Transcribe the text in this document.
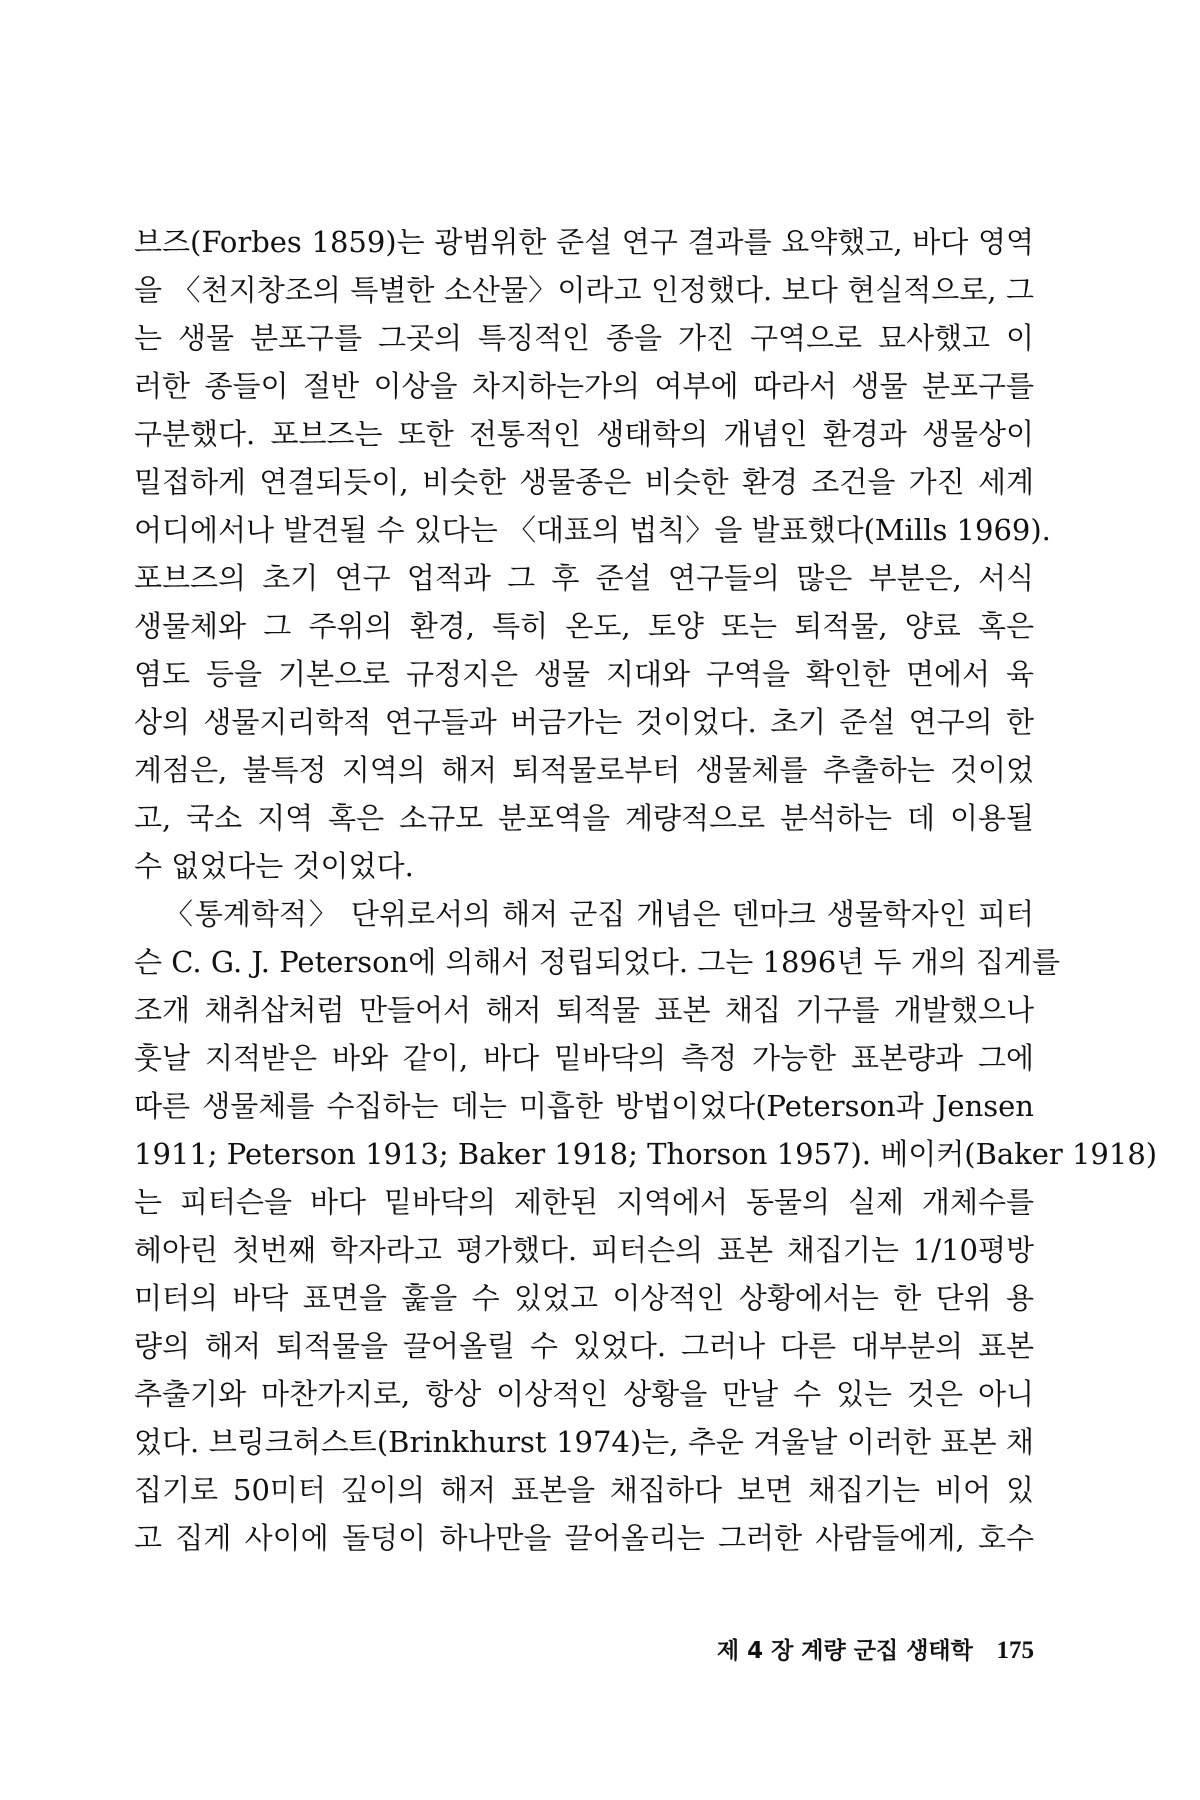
브즈(Forbes 1859)는 광범위한 준설 연구 결과를 요약했고, 바다 영역
을 〈천지창조의 특별한 소산물〉이라고 인정했다. 보다 현실적으로, 그
는 생물 분포구를 그곳의 특징적인 종을 가진 구역으로 묘사했고 이
러한 종들이 절반 이상을 차지하는가의 여부에 따라서 생물 분포구를
구분했다. 포브즈는 또한 전통적인 생태학의 개념인 환경과 생물상이
밀접하게 연결되듯이, 비슷한 생물종은 비슷한 환경 조건을 가진 세계
어디에서나 발견될 수 있다는 〈대표의 법칙〉을 발표했다(Mills 1969).
포브즈의 초기 연구 업적과 그 후 준설 연구들의 많은 부분은, 서식
생물체와 그 주위의 환경, 특히 온도, 토양 또는 퇴적물, 양료 혹은
염도 등을 기본으로 규정지은 생물 지대와 구역을 확인한 면에서 육
상의 생물지리학적 연구들과 버금가는 것이었다. 초기 준설 연구의 한
계점은, 불특정 지역의 해저 퇴적물로부터 생물체를 추출하는 것이었
고, 국소 지역 혹은 소규모 분포역을 계량적으로 분석하는 데 이용될
수 없었다는 것이었다.
〈통계학적〉 단위로서의 해저 군집 개념은 덴마크 생물학자인 피터
슨 C. G. J. Peterson에 의해서 정립되었다. 그는 1896년 두 개의 집게를
조개 채취삽처럼 만들어서 해저 퇴적물 표본 채집 기구를 개발했으나
훗날 지적받은 바와 같이, 바다 밑바닥의 측정 가능한 표본량과 그에
따른 생물체를 수집하는 데는 미흡한 방법이었다(Peterson과 Jensen
1911; Peterson 1913; Baker 1918; Thorson 1957). 베이커(Baker 1918)
는 피터슨을 바다 밑바닥의 제한된 지역에서 동물의 실제 개체수를
헤아린 첫번째 학자라고 평가했다. 피터슨의 표본 채집기는 1/10평방
미터의 바닥 표면을 훑을 수 있었고 이상적인 상황에서는 한 단위 용
량의 해저 퇴적물을 끌어올릴 수 있었다. 그러나 다른 대부분의 표본
추출기와 마찬가지로, 항상 이상적인 상황을 만날 수 있는 것은 아니
었다. 브링크허스트(Brinkhurst 1974)는, 추운 겨울날 이러한 표본 채
집기로 50미터 깊이의 해저 표본을 채집하다 보면 채집기는 비어 있
고 집게 사이에 돌덩이 하나만을 끌어올리는 그러한 사람들에게, 호수
제 4 장 계량 군집 생태학 175
